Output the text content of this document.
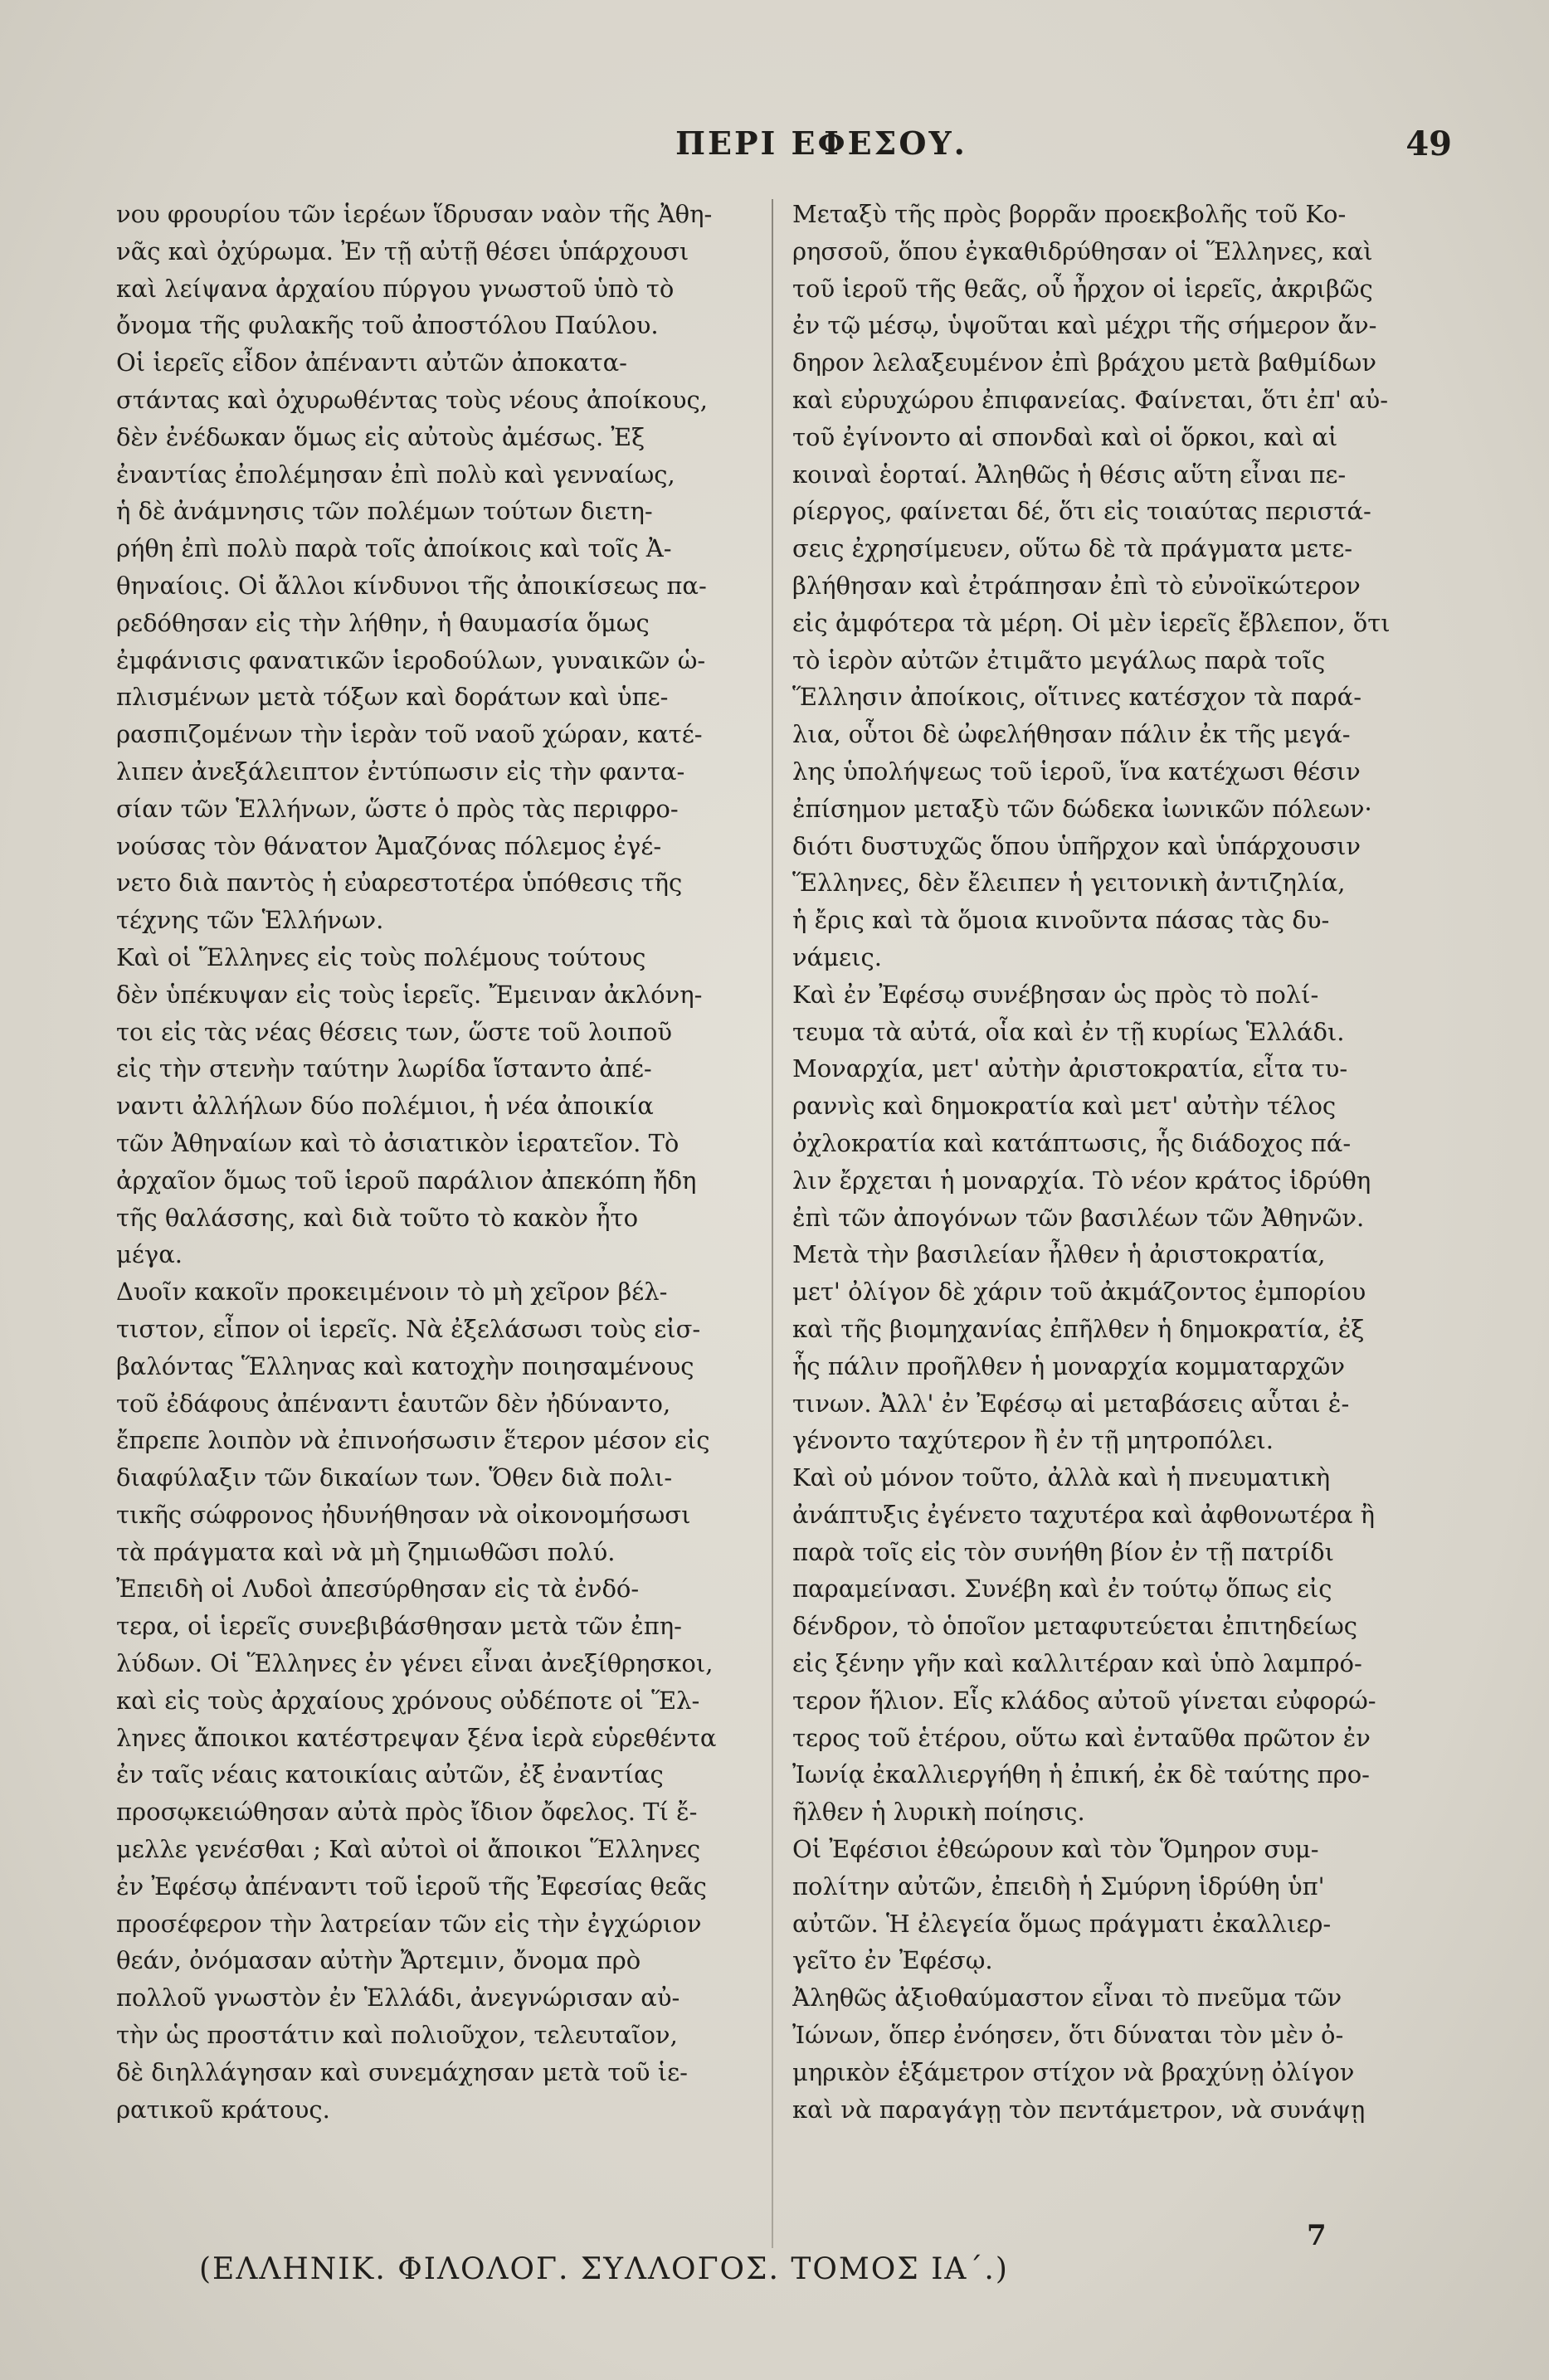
ΠΕΡΙ ΕΦΕΣΟΥ.	49
νου φρουρίου τῶν ἱερέων ἵδρυσαν ναὸν τῆς Ἀθη-
νᾶς καὶ ὀχύρωμα. Ἐν τῇ αὐτῇ θέσει ὑπάρχουσι
καὶ λείψανα ἀρχαίου πύργου γνωστοῦ ὑπὸ τὸ
ὄνομα τῆς φυλακῆς τοῦ ἀποστόλου Παύλου.
Οἱ ἱερεῖς εἶδον ἀπέναντι αὐτῶν ἀποκατα-
στάντας καὶ ὀχυρωθέντας τοὺς νέους ἀποίκους,
δὲν ἐνέδωκαν ὅμως εἰς αὐτοὺς ἀμέσως. Ἐξ
ἐναντίας ἐπολέμησαν ἐπὶ πολὺ καὶ γενναίως,
ἡ δὲ ἀνάμνησις τῶν πολέμων τούτων διετη-
ρήθη ἐπὶ πολὺ παρὰ τοῖς ἀποίκοις καὶ τοῖς Ἀ-
θηναίοις. Οἱ ἄλλοι κίνδυνοι τῆς ἀποικίσεως πα-
ρεδόθησαν εἰς τὴν λήθην, ἡ θαυμασία ὅμως
ἐμφάνισις φανατικῶν ἱεροδούλων, γυναικῶν ὡ-
πλισμένων μετὰ τόξων καὶ δοράτων καὶ ὑπε-
ρασπιζομένων τὴν ἱερὰν τοῦ ναοῦ χώραν, κατέ-
λιπεν ἀνεξάλειπτον ἐντύπωσιν εἰς τὴν φαντα-
σίαν τῶν Ἑλλήνων, ὥστε ὁ πρὸς τὰς περιφρο-
νούσας τὸν θάνατον Ἀμαζόνας πόλεμος ἐγέ-
νετο διὰ παντὸς ἡ εὐαρεστοτέρα ὑπόθεσις τῆς
τέχνης τῶν Ἑλλήνων.
Καὶ οἱ Ἕλληνες εἰς τοὺς πολέμους τούτους
δὲν ὑπέκυψαν εἰς τοὺς ἱερεῖς. Ἔμειναν ἀκλόνη-
τοι εἰς τὰς νέας θέσεις των, ὥστε τοῦ λοιποῦ
εἰς τὴν στενὴν ταύτην λωρίδα ἵσταντο ἀπέ-
ναντι ἀλλήλων δύο πολέμιοι, ἡ νέα ἀποικία
τῶν Ἀθηναίων καὶ τὸ ἀσιατικὸν ἱερατεῖον. Τὸ
ἀρχαῖον ὅμως τοῦ ἱεροῦ παράλιον ἀπεκόπη ἤδη
τῆς θαλάσσης, καὶ διὰ τοῦτο τὸ κακὸν ἦτο
μέγα.
Δυοῖν κακοῖν προκειμένοιν τὸ μὴ χεῖρον βέλ-
τιστον, εἶπον οἱ ἱερεῖς. Νὰ ἐξελάσωσι τοὺς εἰσ-
βαλόντας Ἕλληνας καὶ κατοχὴν ποιησαμένους
τοῦ ἐδάφους ἀπέναντι ἑαυτῶν δὲν ἠδύναντο,
ἔπρεπε λοιπὸν νὰ ἐπινοήσωσιν ἕτερον μέσον εἰς
διαφύλαξιν τῶν δικαίων των. Ὅθεν διὰ πολι-
τικῆς σώφρονος ἠδυνήθησαν νὰ οἰκονομήσωσι
τὰ πράγματα καὶ νὰ μὴ ζημιωθῶσι πολύ.
Ἐπειδὴ οἱ Λυδοὶ ἀπεσύρθησαν εἰς τὰ ἐνδό-
τερα, οἱ ἱερεῖς συνεβιβάσθησαν μετὰ τῶν ἐπη-
λύδων. Οἱ Ἕλληνες ἐν γένει εἶναι ἀνεξίθρησκοι,
καὶ εἰς τοὺς ἀρχαίους χρόνους οὐδέποτε οἱ Ἕλ-
ληνες ἄποικοι κατέστρεψαν ξένα ἱερὰ εὑρεθέντα
ἐν ταῖς νέαις κατοικίαις αὐτῶν, ἐξ ἐναντίας
προσῳκειώθησαν αὐτὰ πρὸς ἴδιον ὄφελος. Τί ἔ-
μελλε γενέσθαι ; Καὶ αὐτοὶ οἱ ἄποικοι Ἕλληνες
ἐν Ἐφέσῳ ἀπέναντι τοῦ ἱεροῦ τῆς Ἐφεσίας θεᾶς
προσέφερον τὴν λατρείαν τῶν εἰς τὴν ἐγχώριον
θεάν, ὀνόμασαν αὐτὴν Ἄρτεμιν, ὄνομα πρὸ
πολλοῦ γνωστὸν ἐν Ἑλλάδι, ἀνεγνώρισαν αὐ-
τὴν ὡς προστάτιν καὶ πολιοῦχον, τελευταῖον,
δὲ διηλλάγησαν καὶ συνεμάχησαν μετὰ τοῦ ἱε-
ρατικοῦ κράτους.
Μεταξὺ τῆς πρὸς βορρᾶν προεκβολῆς τοῦ Κο-
ρησσοῦ, ὅπου ἐγκαθιδρύθησαν οἱ Ἕλληνες, καὶ
τοῦ ἱεροῦ τῆς θεᾶς, οὗ ἦρχον οἱ ἱερεῖς, ἀκριβῶς
ἐν τῷ μέσῳ, ὑψοῦται καὶ μέχρι τῆς σήμερον ἄν-
δηρον λελαξευμένον ἐπὶ βράχου μετὰ βαθμίδων
καὶ εὐρυχώρου ἐπιφανείας. Φαίνεται, ὅτι ἐπ' αὐ-
τοῦ ἐγίνοντο αἱ σπονδαὶ καὶ οἱ ὅρκοι, καὶ αἱ
κοιναὶ ἑορταί. Ἀληθῶς ἡ θέσις αὕτη εἶναι πε-
ρίεργος, φαίνεται δέ, ὅτι εἰς τοιαύτας περιστά-
σεις ἐχρησίμευεν, οὕτω δὲ τὰ πράγματα μετε-
βλήθησαν καὶ ἐτράπησαν ἐπὶ τὸ εὐνοϊκώτερον
εἰς ἀμφότερα τὰ μέρη. Οἱ μὲν ἱερεῖς ἔβλεπον, ὅτι
τὸ ἱερὸν αὐτῶν ἐτιμᾶτο μεγάλως παρὰ τοῖς
Ἕλλησιν ἀποίκοις, οἵτινες κατέσχον τὰ παρά-
λια, οὗτοι δὲ ὠφελήθησαν πάλιν ἐκ τῆς μεγά-
λης ὑπολήψεως τοῦ ἱεροῦ, ἵνα κατέχωσι θέσιν
ἐπίσημον μεταξὺ τῶν δώδεκα ἰωνικῶν πόλεων·
διότι δυστυχῶς ὅπου ὑπῆρχον καὶ ὑπάρχουσιν
Ἕλληνες, δὲν ἔλειπεν ἡ γειτονικὴ ἀντιζηλία,
ἡ ἔρις καὶ τὰ ὅμοια κινοῦντα πάσας τὰς δυ-
νάμεις.
Καὶ ἐν Ἐφέσῳ συνέβησαν ὡς πρὸς τὸ πολί-
τευμα τὰ αὐτά, οἷα καὶ ἐν τῇ κυρίως Ἑλλάδι.
Μοναρχία, μετ' αὐτὴν ἀριστοκρατία, εἶτα τυ-
ραννὶς καὶ δημοκρατία καὶ μετ' αὐτὴν τέλος
ὀχλοκρατία καὶ κατάπτωσις, ἧς διάδοχος πά-
λιν ἔρχεται ἡ μοναρχία. Τὸ νέον κράτος ἱδρύθη
ἐπὶ τῶν ἀπογόνων τῶν βασιλέων τῶν Ἀθηνῶν.
Μετὰ τὴν βασιλείαν ἦλθεν ἡ ἀριστοκρατία,
μετ' ὀλίγον δὲ χάριν τοῦ ἀκμάζοντος ἐμπορίου
καὶ τῆς βιομηχανίας ἐπῆλθεν ἡ δημοκρατία, ἐξ
ἧς πάλιν προῆλθεν ἡ μοναρχία κομματαρχῶν
τινων. Ἀλλ' ἐν Ἐφέσῳ αἱ μεταβάσεις αὗται ἐ-
γένοντο ταχύτερον ἢ ἐν τῇ μητροπόλει.
Καὶ οὐ μόνον τοῦτο, ἀλλὰ καὶ ἡ πνευματικὴ
ἀνάπτυξις ἐγένετο ταχυτέρα καὶ ἀφθονωτέρα ἢ
παρὰ τοῖς εἰς τὸν συνήθη βίον ἐν τῇ πατρίδι
παραμείνασι. Συνέβη καὶ ἐν τούτῳ ὅπως εἰς
δένδρον, τὸ ὁποῖον μεταφυτεύεται ἐπιτηδείως
εἰς ξένην γῆν καὶ καλλιτέραν καὶ ὑπὸ λαμπρό-
τερον ἥλιον. Εἷς κλάδος αὐτοῦ γίνεται εὐφορώ-
τερος τοῦ ἑτέρου, οὕτω καὶ ἐνταῦθα πρῶτον ἐν
Ἰωνίᾳ ἐκαλλιεργήθη ἡ ἐπική, ἐκ δὲ ταύτης προ-
ῆλθεν ἡ λυρικὴ ποίησις.
Οἱ Ἐφέσιοι ἐθεώρουν καὶ τὸν Ὅμηρον συμ-
πολίτην αὐτῶν, ἐπειδὴ ἡ Σμύρνη ἱδρύθη ὑπ'
αὐτῶν. Ἡ ἐλεγεία ὅμως πράγματι ἐκαλλιερ-
γεῖτο ἐν Ἐφέσῳ.
Ἀληθῶς ἀξιοθαύμαστον εἶναι τὸ πνεῦμα τῶν
Ἰώνων, ὅπερ ἐνόησεν, ὅτι δύναται τὸν μὲν ὀ-
μηρικὸν ἑξάμετρον στίχον νὰ βραχύνῃ ὀλίγον
καὶ νὰ παραγάγῃ τὸν πεντάμετρον, νὰ συνάψῃ
(ΕΛΛΗΝΙΚ. ΦΙΛΟΛΟΓ. ΣΥΛΛΟΓΟΣ. ΤΟΜΟΣ ΙΑ΄.)
7
